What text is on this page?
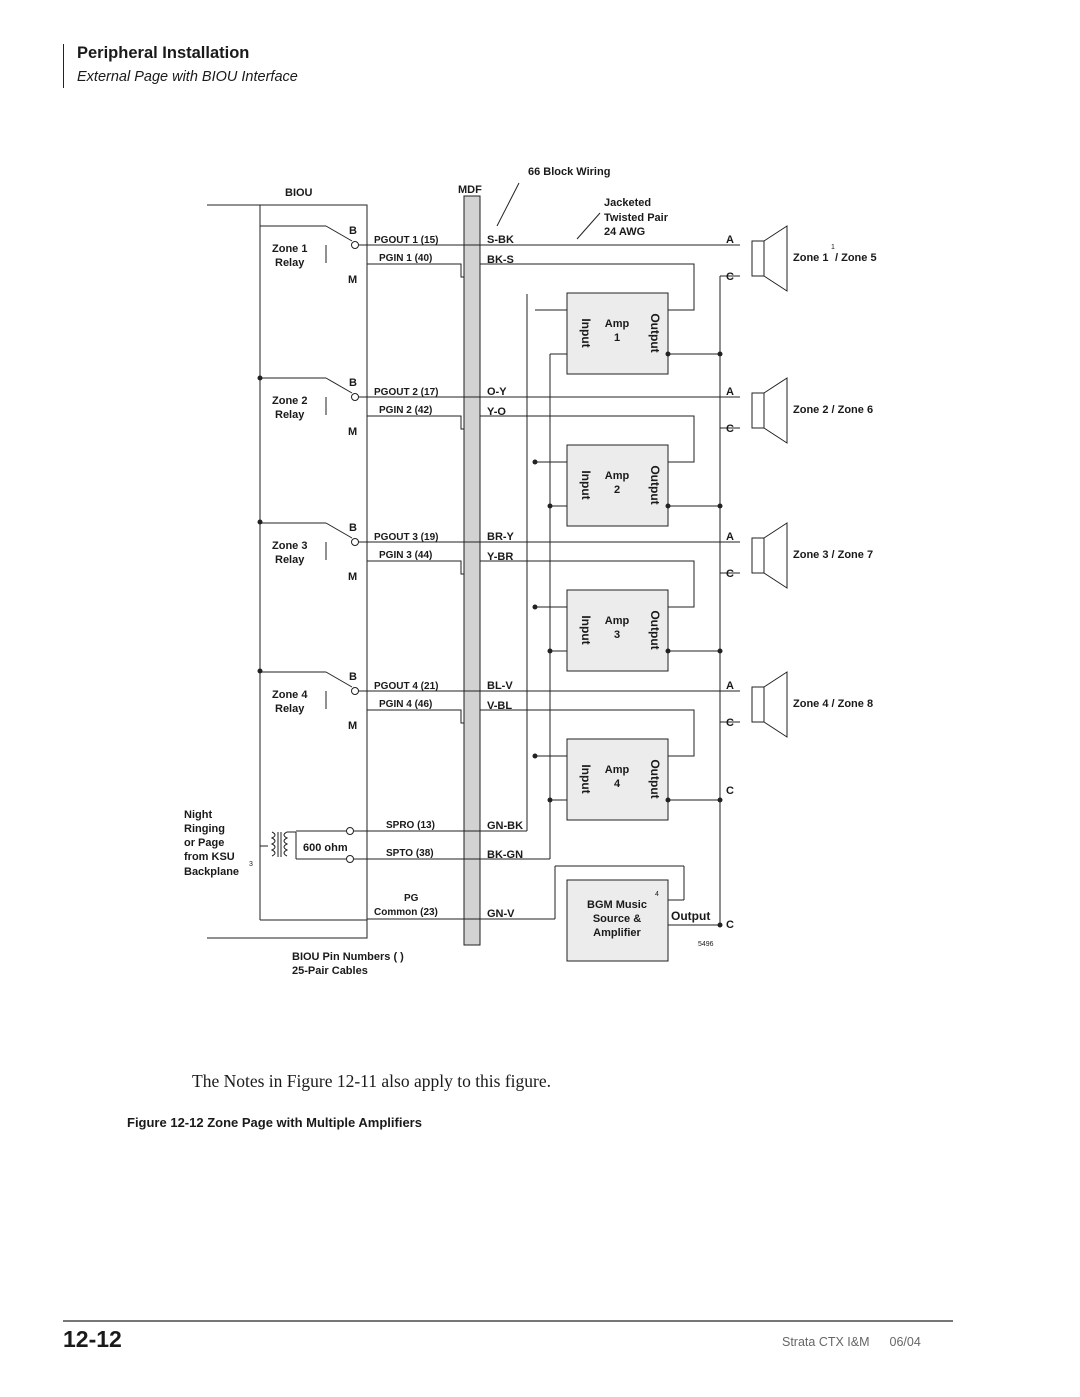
Peripheral Installation
External Page with BIOU Interface
Zone 1
Relay
B
M
PGOUT 1 (15)
PGIN 1 (40)
S-BK
BK-S
Amp
1
Input	Output
A
C
Zone 1
1
/ Zone 5
Zone 2
Relay
B
M
PGOUT 2 (17)
PGIN 2 (42)
O-Y
Y-O
Amp
2
Input	Output
A
C
Zone 2 / Zone 6
Zone 3
Relay
B
M
PGOUT 3 (19)
PGIN 3 (44)
BR-Y
Y-BR
Amp
3
Input	Output
A
C
Zone 3 / Zone 7
Zone 4
Relay
B
M
PGOUT 4 (21)
PGIN 4 (46)
BL-V
V-BL
Amp
4
Input	Output
A
C
Zone 4 / Zone 8
66 Block Wiring
BIOU	MDF
Jacketed
Twisted Pair
24 AWG
Night
Ringing
or Page
from KSU
Backplane
3
600 ohm
SPRO (13)
SPTO (38)
GN-BK
BK-GN
PG
Common (23)	GN-V
BGM Music
Source &
Amplifier
4
Output
C
5496
BIOU Pin Numbers ( )
25-Pair Cables
C
The Notes in Figure 12-11 also apply to this figure.
Figure 12-12 Zone Page with Multiple Amplifiers
12-12	Strata CTX I&M 06/04
